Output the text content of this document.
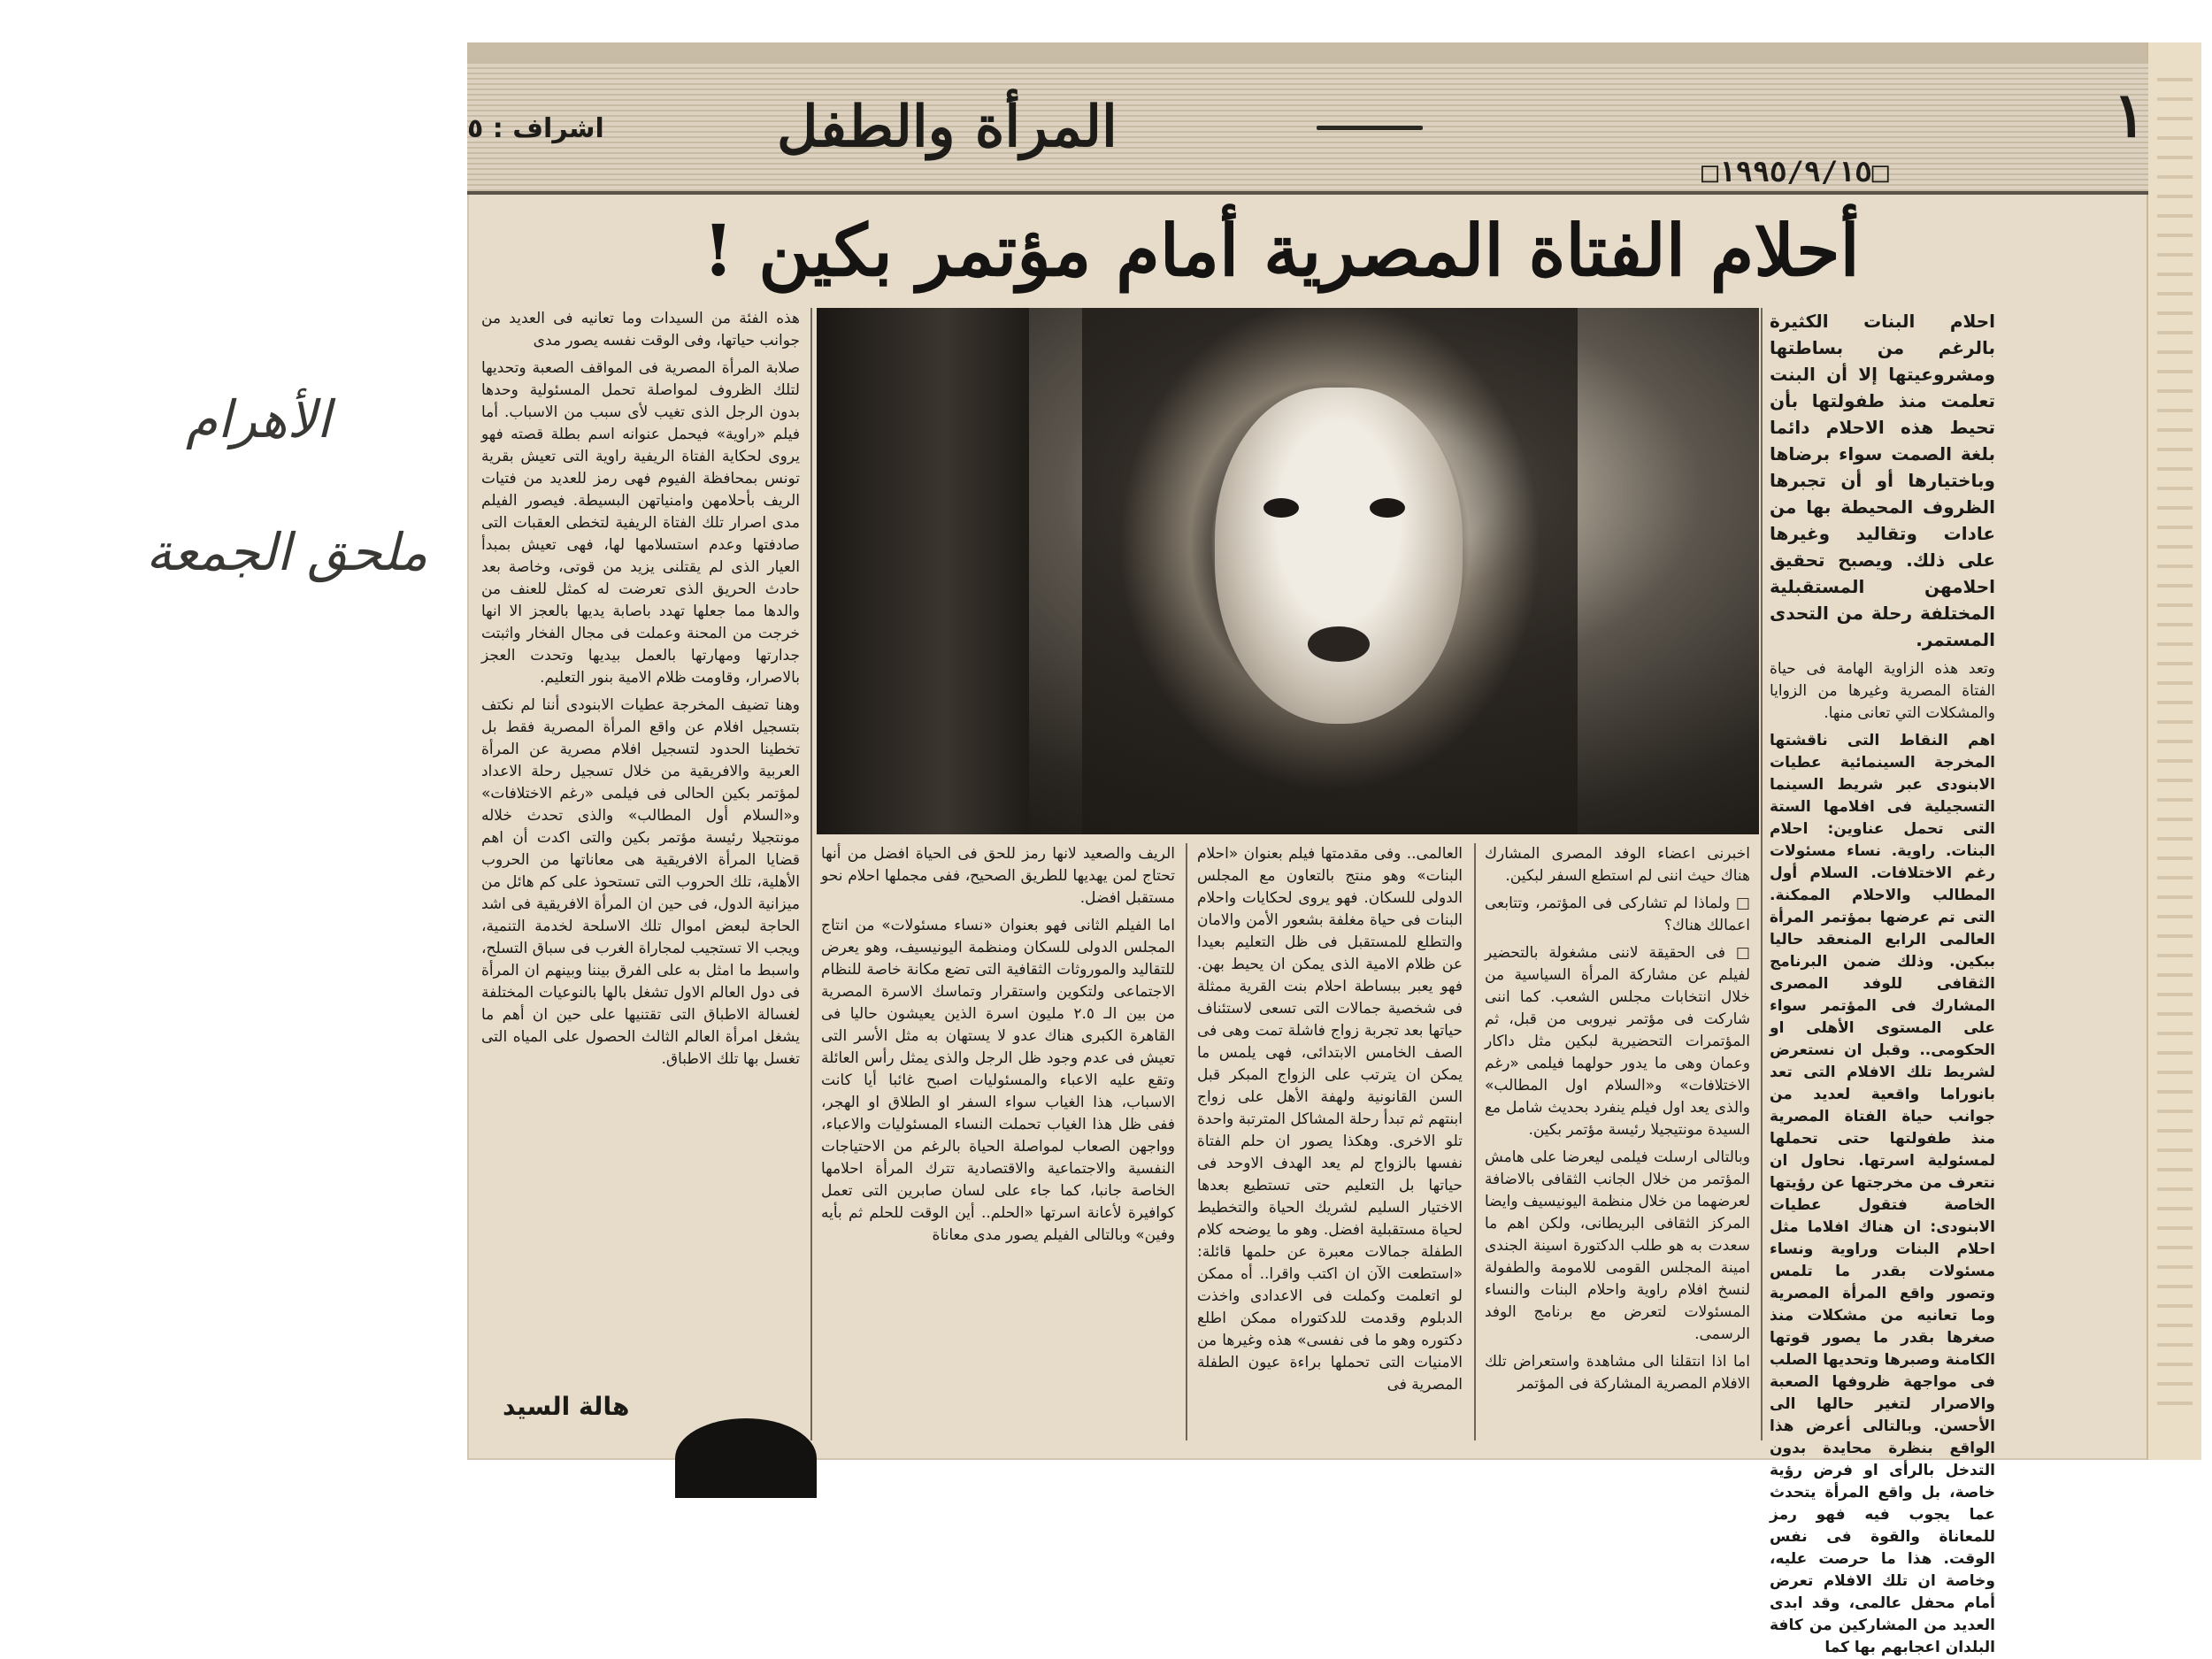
الأهرام
ملحق الجمعة
اشراف : ٥	المرأة والطفل	١
□١٩٩٥/٩/١٥□
أحلام الفتاة المصرية أمام مؤتمر بكين !

احلام البنات الكثيرة بالرغم من بساطتها ومشروعيتها إلا أن البنت تعلمت منذ طفولتها بأن تحيط هذه الاحلام دائما بلغة الصمت سواء برضاها وباختيارها أو أن تجبرها الظروف المحيطة بها من عادات وتقاليد وغيرها على ذلك. ويصبح تحقيق احلامهن المستقبلية المختلفة رحلة من التحدى المستمر.

وتعد هذه الزاوية الهامة فى حياة الفتاة المصرية وغيرها من الزوايا والمشكلات التي تعانى منها.

اهم النقاط التى ناقشتها المخرجة السينمائية عطيات الابنودى عبر شريط السينما التسجيلية فى افلامها الستة التى تحمل عناوين: احلام البنات. راوية. نساء مسئولات رغم الاختلافات. السلام أول المطالب والاحلام الممكنة. التى تم عرضها بمؤتمر المرأة العالمى الرابع المنعقد حاليا ببكين. وذلك ضمن البرنامج الثقافى للوفد المصرى المشارك فى المؤتمر سواء على المستوى الأهلى او الحكومى.. وقبل ان نستعرض لشريط تلك الافلام التى تعد بانوراما واقعية لعديد من جوانب حياة الفتاة المصرية منذ طفولتها حتى تحملها لمسئولية اسرتها. نحاول ان نتعرف من مخرجتها عن رؤيتها الخاصة فتقول عطيات الابنودى: ان هناك افلاما مثل احلام البنات وراوية ونساء مسئولات بقدر ما تلمس وتصور واقع المرأة المصرية وما تعانيه من مشكلات منذ صغرها بقدر ما يصور قوتها الكامنة وصبرها وتحديها الصلب فى مواجهة ظروفها الصعبة والاصرار لتغير حالها الى الأحسن. وبالتالى أعرض هذا الواقع بنظرة محايدة بدون التدخل بالرأى او فرض رؤية خاصة، بل واقع المرأة يتحدث عما يجوب فيه فهو رمز للمعاناة والقوة فى نفس الوقت. هذا ما حرصت عليه، وخاصة ان تلك الافلام تعرض أمام محفل عالمى، وقد ابدى العديد من المشاركين من كافة البلدان اعجابهم بها كما

اخبرنى اعضاء الوفد المصرى المشارك هناك حيث اننى لم استطع السفر لبكين.

□ ولماذا لم تشاركى فى المؤتمر، وتتابعى اعمالك هناك؟

□ فى الحقيقة لاننى مشغولة بالتحضير لفيلم عن مشاركة المرأة السياسية من خلال انتخابات مجلس الشعب. كما اننى شاركت فى مؤتمر نيروبى من قبل، ثم المؤتمرات التحضيرية لبكين مثل داكار وعمان وهى ما يدور حولهما فيلمى «رغم الاختلافات» و«السلام اول المطالب» والذى يعد اول فيلم ينفرد بحديث شامل مع السيدة مونتيجيلا رئيسة مؤتمر بكين.

وبالتالى ارسلت فيلمى ليعرضا على هامش المؤتمر من خلال الجانب الثقافى بالاضافة لعرضهما من خلال منظمة اليونيسيف وايضا المركز الثقافى البريطانى، ولكن اهم ما سعدت به هو طلب الدكتورة اسينة الجندى امينة المجلس القومى للامومة والطفولة لنسخ افلام راوية واحلام البنات والنساء المسئولات لتعرض مع برنامج الوفد الرسمى.

اما اذا انتقلنا الى مشاهدة واستعراض تلك الافلام المصرية المشاركة فى المؤتمر

العالمى.. وفى مقدمتها فيلم بعنوان «احلام البنات» وهو منتج بالتعاون مع المجلس الدولى للسكان. فهو يروى لحكايات واحلام البنات فى حياة مغلفة بشعور الأمن والامان والتطلع للمستقبل فى ظل التعليم بعيدا عن ظلام الامية الذى يمكن ان يحيط بهن. فهو يعبر ببساطة احلام بنت القرية ممثلة فى شخصية جمالات التى تسعى لاستئناف حياتها بعد تجربة زواج فاشلة تمت وهى فى الصف الخامس الابتدائى، فهى يلمس ما يمكن ان يترتب على الزواج المبكر قبل السن القانونية ولهفة الأهل على زواج ابنتهم ثم تبدأ رحلة المشاكل المترتبة واحدة تلو الاخرى. وهكذا يصور ان حلم الفتاة نفسها بالزواج لم يعد الهدف الاوحد فى حياتها بل التعليم حتى تستطيع بعدها الاختيار السليم لشريك الحياة والتخطيط لحياة مستقبلية افضل. وهو ما يوضحه كلام الطفلة جمالات معبرة عن حلمها قائلة: «استطعت الآن ان اكتب واقرا.. أه ممكن لو اتعلمت وكملت فى الاعدادى واخذت الدبلوم وقدمت للدكتوراه ممكن اطلع دكتوره وهو ما فى نفسى» هذه وغيرها من الامنيات التى تحملها براءة عيون الطفلة المصرية فى

الريف والصعيد لانها رمز للحق فى الحياة افضل من أنها تحتاج لمن يهديها للطريق الصحيح، ففى مجملها احلام نحو مستقبل افضل.

اما الفيلم الثانى فهو بعنوان «نساء مسئولات» من انتاج المجلس الدولى للسكان ومنظمة اليونيسيف، وهو يعرض للتقاليد والموروثات الثقافية التى تضع مكانة خاصة للنظام الاجتماعى ولتكوين واستقرار وتماسك الاسرة المصرية من بين الـ ٢.٥ مليون اسرة الذين يعيشون حاليا فى القاهرة الكبرى هناك عدو لا يستهان به مثل الأسر التى تعيش فى عدم وجود ظل الرجل والذى يمثل رأس العائلة وتقع عليه الاعباء والمسئوليات اصبح غائبا أيا كانت الاسباب، هذا الغياب سواء السفر او الطلاق او الهجر، ففى ظل هذا الغياب تحملت النساء المسئوليات والاعباء، وواجهن الصعاب لمواصلة الحياة بالرغم من الاحتياجات النفسية والاجتماعية والاقتصادية تترك المرأة احلامها الخاصة جانبا، كما جاء على لسان صابرين التى تعمل كوافيرة لأعانة اسرتها «الحلم.. أين الوقت للحلم ثم بأيه وفين» وبالتالى الفيلم يصور مدى معاناة

هذه الفئة من السيدات وما تعانيه فى العديد من جوانب حياتها، وفى الوقت نفسه يصور مدى

صلابة المرأة المصرية فى المواقف الصعبة وتحديها لتلك الظروف لمواصلة تحمل المسئولية وحدها بدون الرجل الذى تغيب لأى سبب من الاسباب. أما فيلم «راوية» فيحمل عنوانه اسم بطلة قصته فهو يروى لحكاية الفتاة الريفية راوية التى تعيش بقرية تونس بمحافظة الفيوم فهى رمز للعديد من فتيات الريف بأحلامهن وامنياتهن البسيطة. فيصور الفيلم مدى اصرار تلك الفتاة الريفية لتخطى العقبات التى صادفتها وعدم استسلامها لها، فهى تعيش بمبدأ العيار الذى لم يقتلنى يزيد من قوتى، وخاصة بعد حادث الحريق الذى تعرضت له كمثل للعنف من والدها مما جعلها تهدد باصابة يديها بالعجز الا انها خرجت من المحنة وعملت فى مجال الفخار واثبتت جدارتها ومهارتها بالعمل بيديها وتحدت العجز بالاصرار، وقاومت ظلام الامية بنور التعليم.

وهنا تضيف المخرجة عطيات الابنودى أننا لم نكتف بتسجيل افلام عن واقع المرأة المصرية فقط بل تخطينا الحدود لتسجيل افلام مصرية عن المرأة العربية والافريقية من خلال تسجيل رحلة الاعداد لمؤتمر بكين الحالى فى فيلمى «رغم الاختلافات» و«السلام أول المطالب» والذى تحدث خلاله مونتجيلا رئيسة مؤتمر بكين والتى اكدت أن اهم قضايا المرأة الافريقية هى معاناتها من الحروب الأهلية، تلك الحروب التى تستحوذ على كم هائل من ميزانية الدول، فى حين ان المرأة الافريقية فى اشد الحاجة لبعض اموال تلك الاسلحة لخدمة التنمية، ويجب الا تستجيب لمجاراة الغرب فى سباق التسلح، واسبط ما امثل به على الفرق بيننا وبينهم ان المرأة فى دول العالم الاول تشغل بالها بالنوعيات المختلفة لغسالة الاطباق التى تقتنيها على حين ان أهم ما يشغل امرأة العالم الثالث الحصول على المياه التى تغسل بها تلك الاطباق.

هالة السيد
